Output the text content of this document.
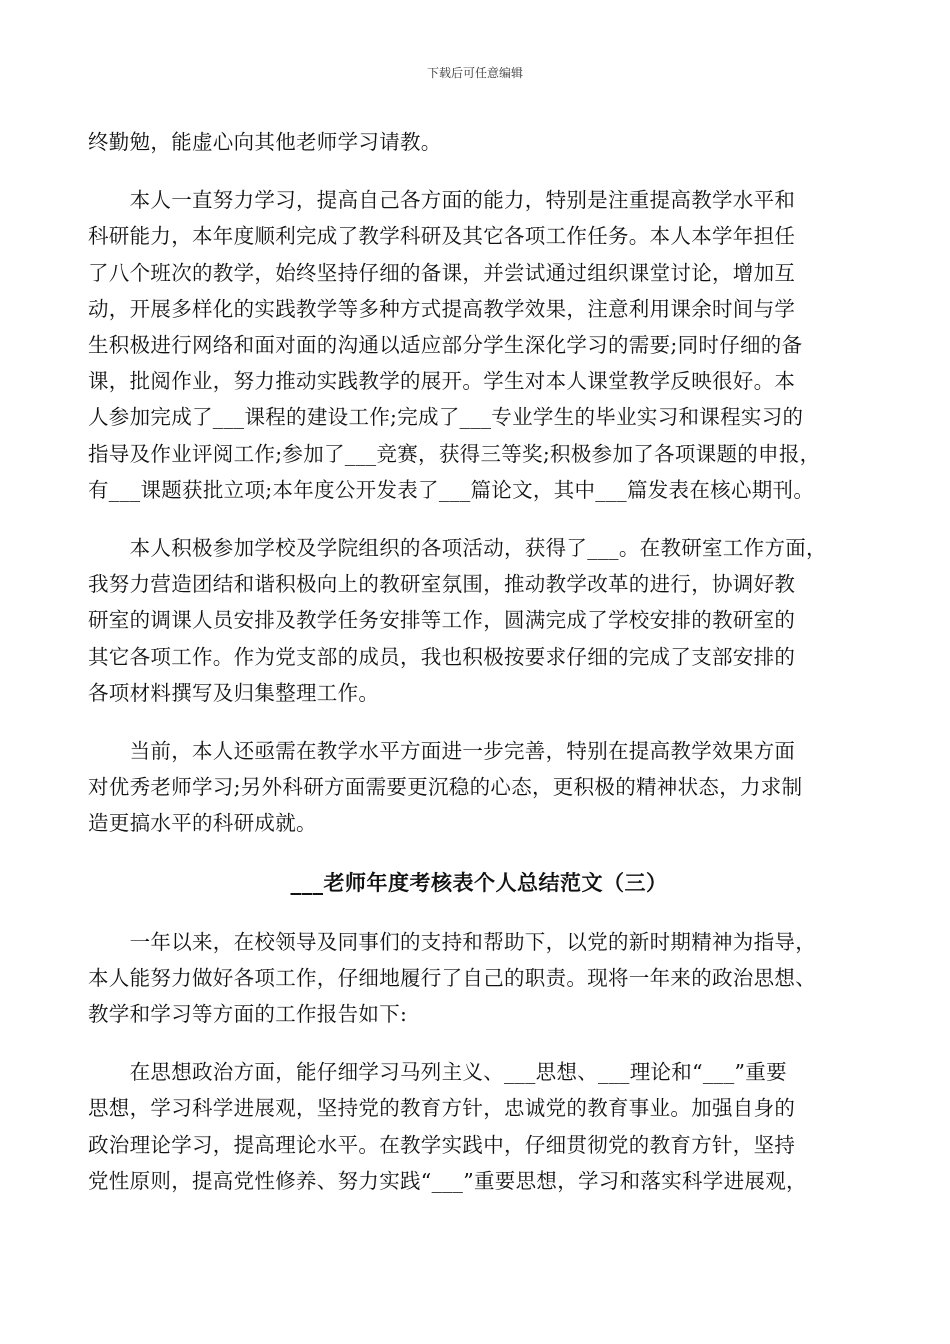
下载后可任意编辑

终勤勉，能虚心向其他老师学习请教。

　　本人一直努力学习，提高自己各方面的能力，特别是注重提高教学水平和
科研能力，本年度顺利完成了教学科研及其它各项工作任务。本人本学年担任
了八个班次的教学，始终坚持仔细的备课，并尝试通过组织课堂讨论，增加互
动，开展多样化的实践教学等多种方式提高教学效果，注意利用课余时间与学
生积极进行网络和面对面的沟通以适应部分学生深化学习的需要;同时仔细的备
课，批阅作业，努力推动实践教学的展开。学生对本人课堂教学反映很好。本
人参加完成了___课程的建设工作;完成了___专业学生的毕业实习和课程实习的
指导及作业评阅工作;参加了___竞赛，获得三等奖;积极参加了各项课题的申报，
有___课题获批立项;本年度公开发表了___篇论文，其中___篇发表在核心期刊。

　　本人积极参加学校及学院组织的各项活动，获得了___。在教研室工作方面，
我努力营造团结和谐积极向上的教研室氛围，推动教学改革的进行，协调好教
研室的调课人员安排及教学任务安排等工作，圆满完成了学校安排的教研室的
其它各项工作。作为党支部的成员，我也积极按要求仔细的完成了支部安排的
各项材料撰写及归集整理工作。

　　当前，本人还亟需在教学水平方面进一步完善，特别在提高教学效果方面
对优秀老师学习;另外科研方面需要更沉稳的心态，更积极的精神状态，力求制
造更搞水平的科研成就。

___老师年度考核表个人总结范文（三）

　　一年以来，在校领导及同事们的支持和帮助下，以党的新时期精神为指导，
本人能努力做好各项工作，仔细地履行了自己的职责。现将一年来的政治思想、
教学和学习等方面的工作报告如下:

　　在思想政治方面，能仔细学习马列主义、___思想、___理论和“___”重要
思想，学习科学进展观，坚持党的教育方针，忠诚党的教育事业。加强自身的
政治理论学习，提高理论水平。在教学实践中，仔细贯彻党的教育方针，坚持
党性原则，提高党性修养、努力实践“___”重要思想，学习和落实科学进展观，
